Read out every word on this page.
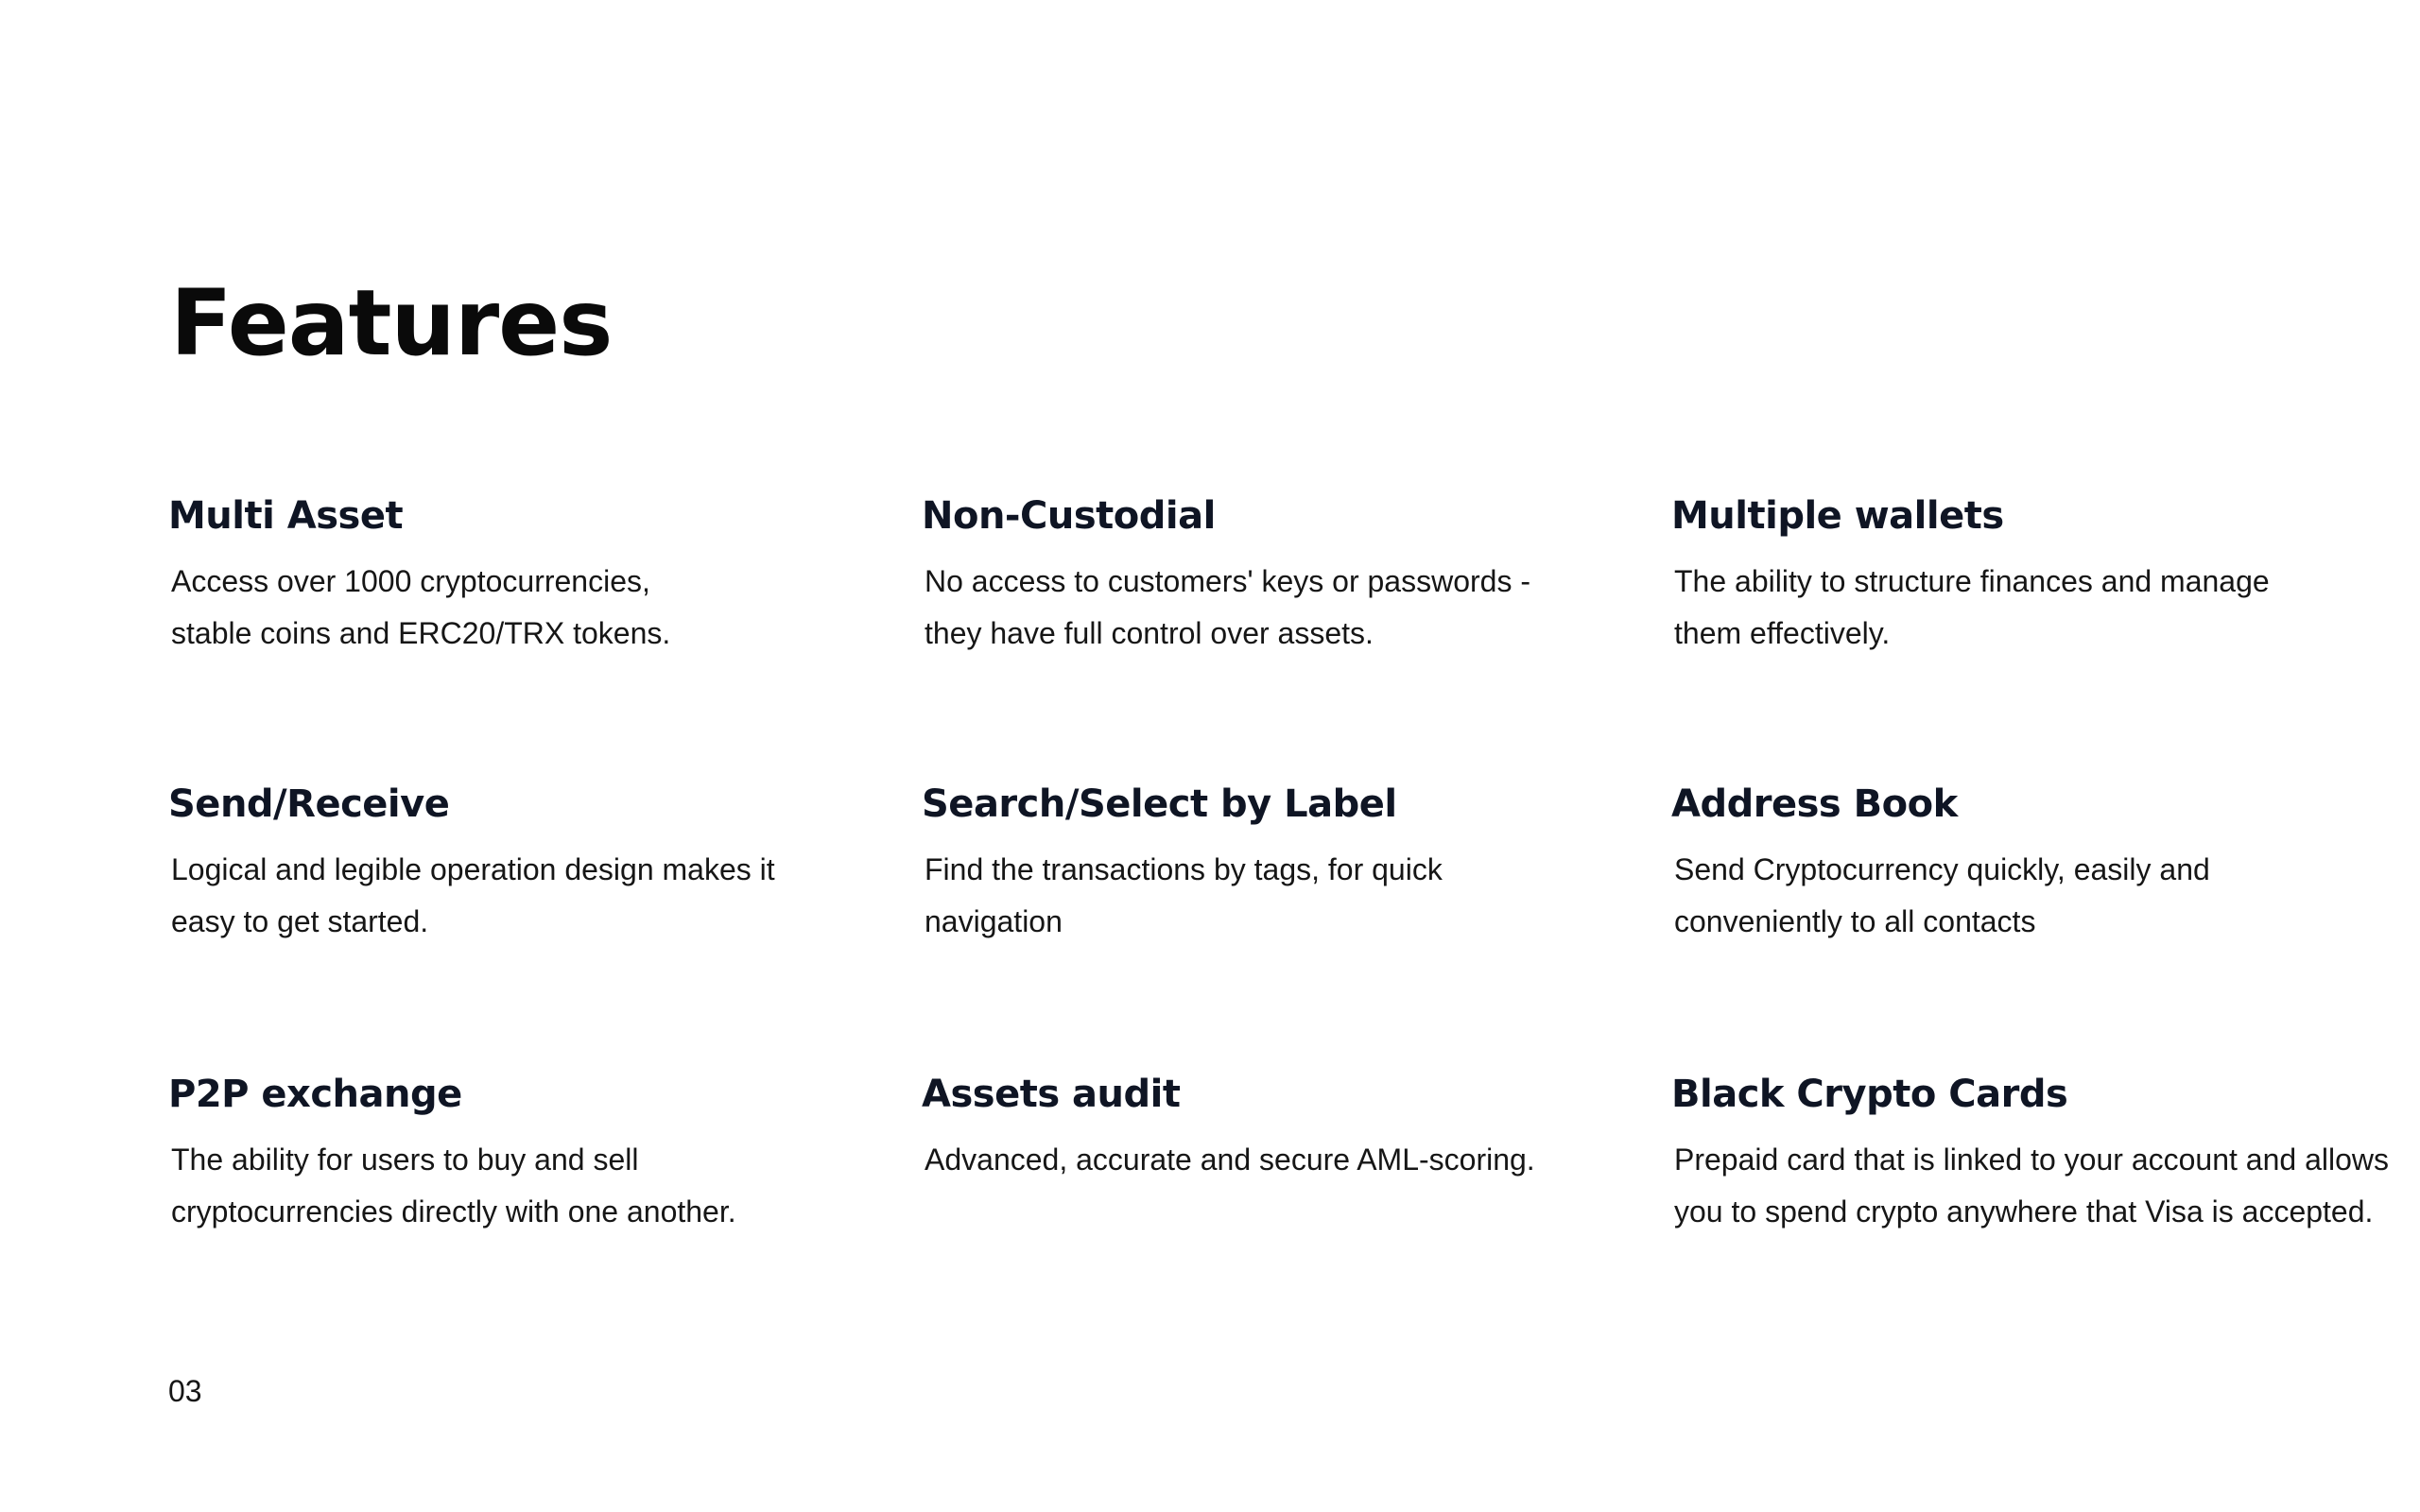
Features
Multi Asset

Access over 1000 cryptocurrencies,
stable coins and ERC20/TRX tokens.

Non-Custodial

No access to customers' keys or passwords -
they have full control over assets.

Multiple wallets

The ability to structure finances and manage
them effectively.

Send/Receive

Logical and legible operation design makes it
easy to get started.

Search/Select by Label

Find the transactions by tags, for quick
navigation

Address Book

Send Cryptocurrency quickly, easily and
conveniently to all contacts

P2P exchange

The ability for users to buy and sell
cryptocurrencies directly with one another.

Assets audit

Advanced, accurate and secure AML-scoring.

Black Crypto Cards

Prepaid card that is linked to your account and allows
you to spend crypto anywhere that Visa is accepted.

03
